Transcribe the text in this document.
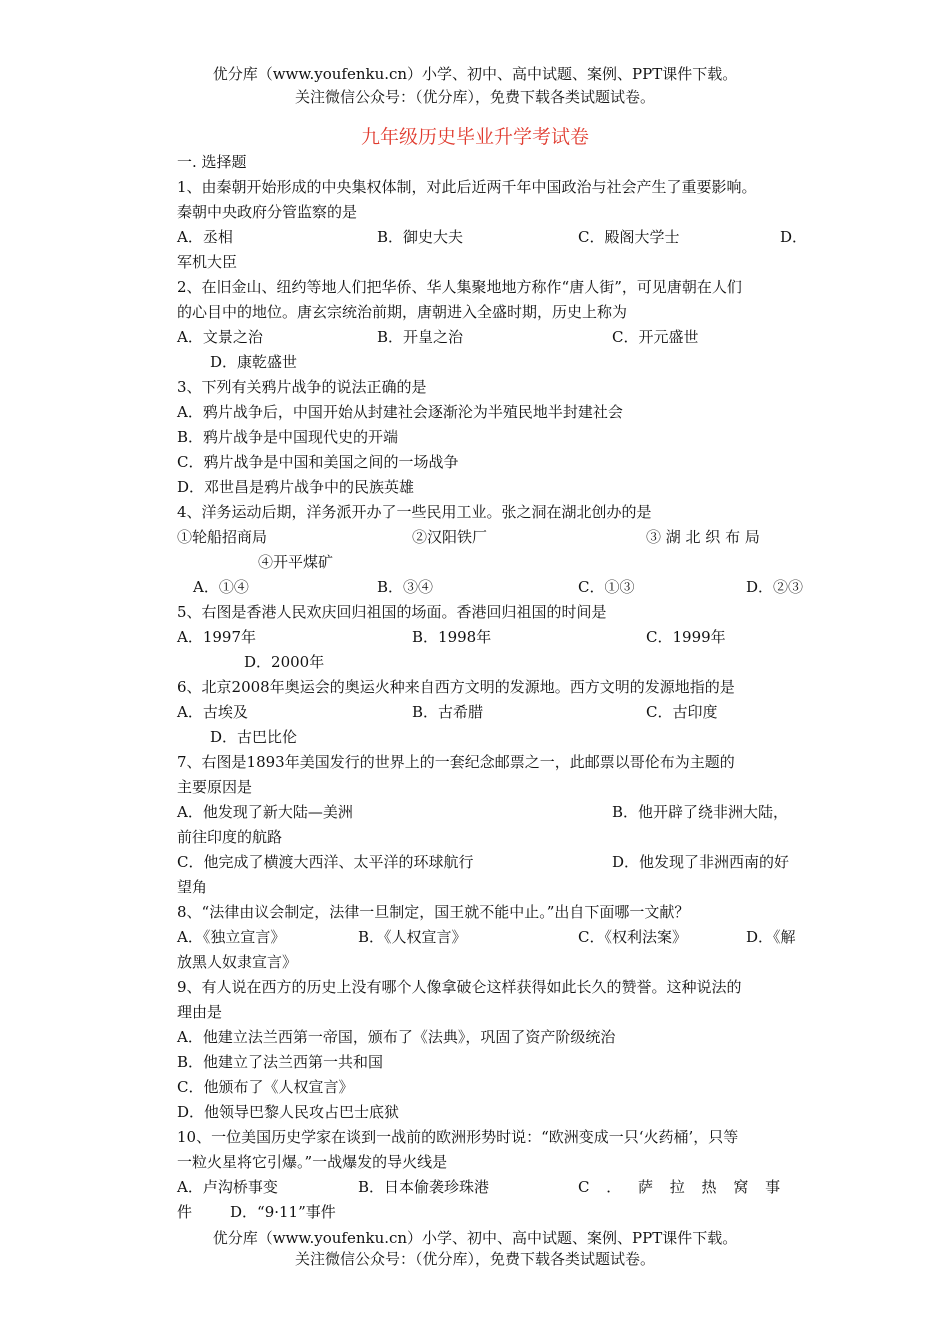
优分库（www.youfenku.cn）小学、初中、高中试题、案例、PPT课件下载。
关注微信公众号：（优分库），免费下载各类试题试卷。
九年级历史毕业升学考试卷
一. 选择题
1、由秦朝开始形成的中央集权体制，对此后近两千年中国政治与社会产生了重要影响。
秦朝中央政府分管监察的是
A．丞相	B．御史大夫	C．殿阁大学士	D．
军机大臣
2、在旧金山、纽约等地人们把华侨、华人集聚地地方称作“唐人街”，可见唐朝在人们
的心目中的地位。唐玄宗统治前期，唐朝进入全盛时期，历史上称为
A．文景之治	B．开皇之治	C．开元盛世
D．康乾盛世
3、下列有关鸦片战争的说法正确的是
A．鸦片战争后，中国开始从封建社会逐渐沦为半殖民地半封建社会
B．鸦片战争是中国现代史的开端
C．鸦片战争是中国和美国之间的一场战争
D．邓世昌是鸦片战争中的民族英雄
4、洋务运动后期，洋务派开办了一些民用工业。张之洞在湖北创办的是
①轮船招商局	②汉阳铁厂	③ 湖 北 织 布 局
④开平煤矿
A．①④	B．③④	C．①③	D．②③
5、右图是香港人民欢庆回归祖国的场面。香港回归祖国的时间是
A．1997年	B．1998年	C．1999年
D．2000年
6、北京2008年奥运会的奥运火种来自西方文明的发源地。西方文明的发源地指的是
A．古埃及	B．古希腊	C．古印度
D．古巴比伦
7、右图是1893年美国发行的世界上的一套纪念邮票之一，此邮票以哥伦布为主题的
主要原因是
A．他发现了新大陆—美洲	B．他开辟了绕非洲大陆，
前往印度的航路
C．他完成了横渡大西洋、太平洋的环球航行	D．他发现了非洲西南的好
望角
8、“法律由议会制定，法律一旦制定，国王就不能中止。”出自下面哪一文献？
A．《独立宣言》	B．《人权宣言》	C．《权利法案》	D．《解
放黑人奴隶宣言》
9、有人说在西方的历史上没有哪个人像拿破仑这样获得如此长久的赞誉。这种说法的
理由是
A．他建立法兰西第一帝国，颁布了《法典》，巩固了资产阶级统治
B．他建立了法兰西第一共和国
C．他颁布了《人权宣言》
D．他领导巴黎人民攻占巴士底狱
10、一位美国历史学家在谈到一战前的欧洲形势时说：“欧洲变成一只‘火药桶’，只等
一粒火星将它引爆。”一战爆发的导火线是
A．卢沟桥事变	B．日本偷袭珍珠港	C ． 萨 拉 热 窝 事
件	D．“9·11”事件
优分库（www.youfenku.cn）小学、初中、高中试题、案例、PPT课件下载。
关注微信公众号：（优分库），免费下载各类试题试卷。
